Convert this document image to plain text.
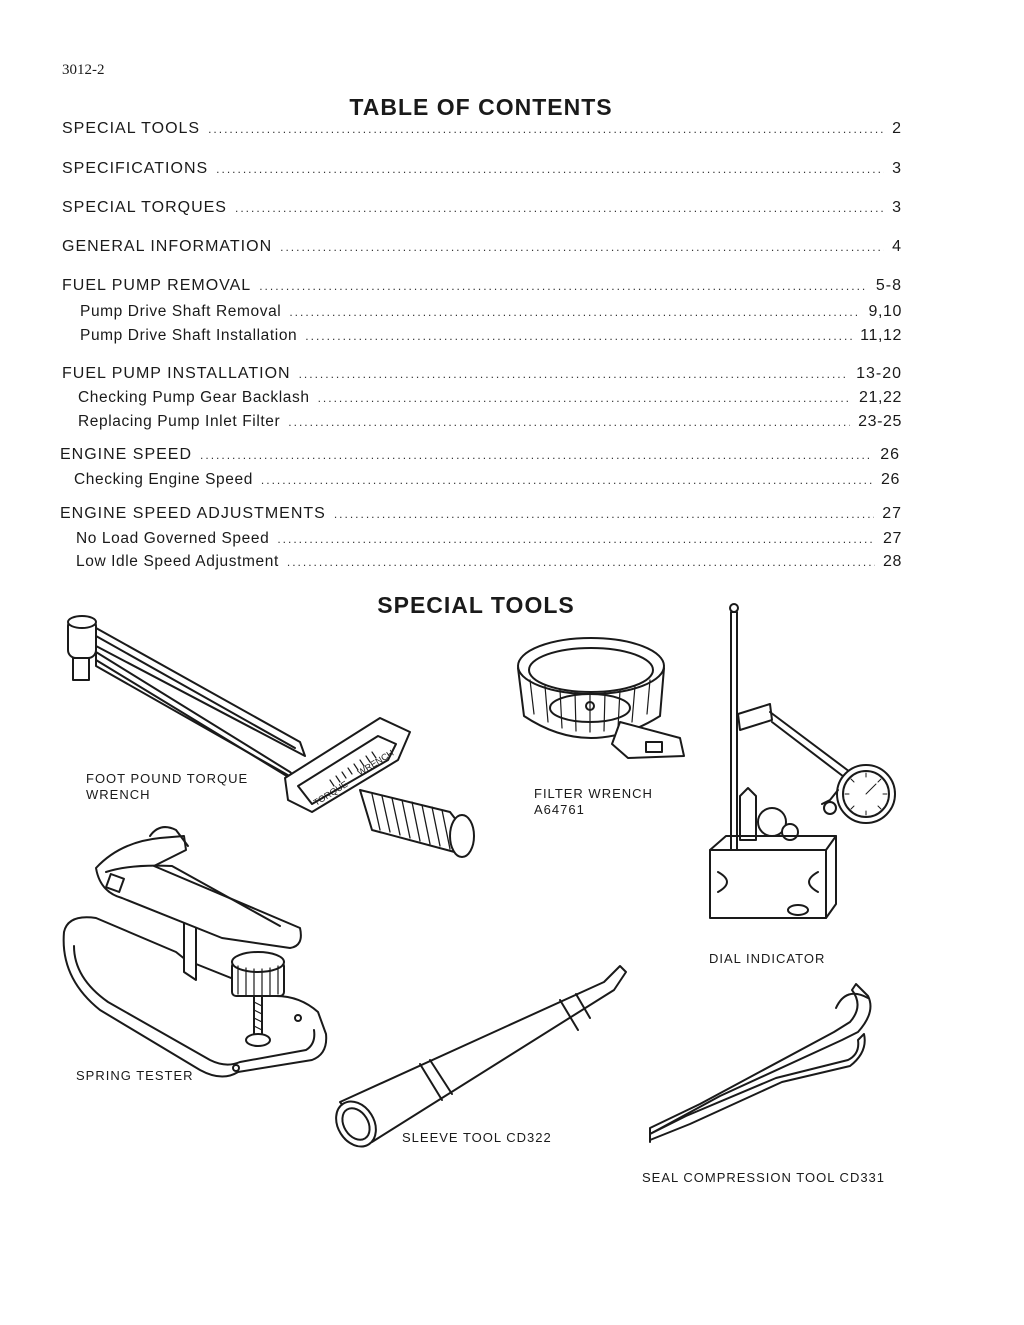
3012-2
TABLE OF CONTENTS
SPECIAL TOOLS .....	2
SPECIFICATIONS .....	3
SPECIAL TORQUES .....	3
GENERAL INFORMATION .....	4
FUEL PUMP REMOVAL .....	5-8
Pump Drive Shaft Removal .....	9,10
Pump Drive Shaft Installation .....	11,12
FUEL PUMP INSTALLATION .....	13-20
Checking Pump Gear Backlash .....	21,22
Replacing Pump Inlet Filter .....	23-25
ENGINE SPEED .....	26
Checking Engine Speed .....	26
ENGINE SPEED ADJUSTMENTS .....	27
No Load Governed Speed .....	27
Low Idle Speed Adjustment .....	28
SPECIAL TOOLS
TORQUE
WRENCH
FOOT POUND TORQUE
WRENCH	FILTER WRENCH
A64761
DIAL INDICATOR
SPRING TESTER
SLEEVE TOOL CD322
SEAL COMPRESSION TOOL CD331
